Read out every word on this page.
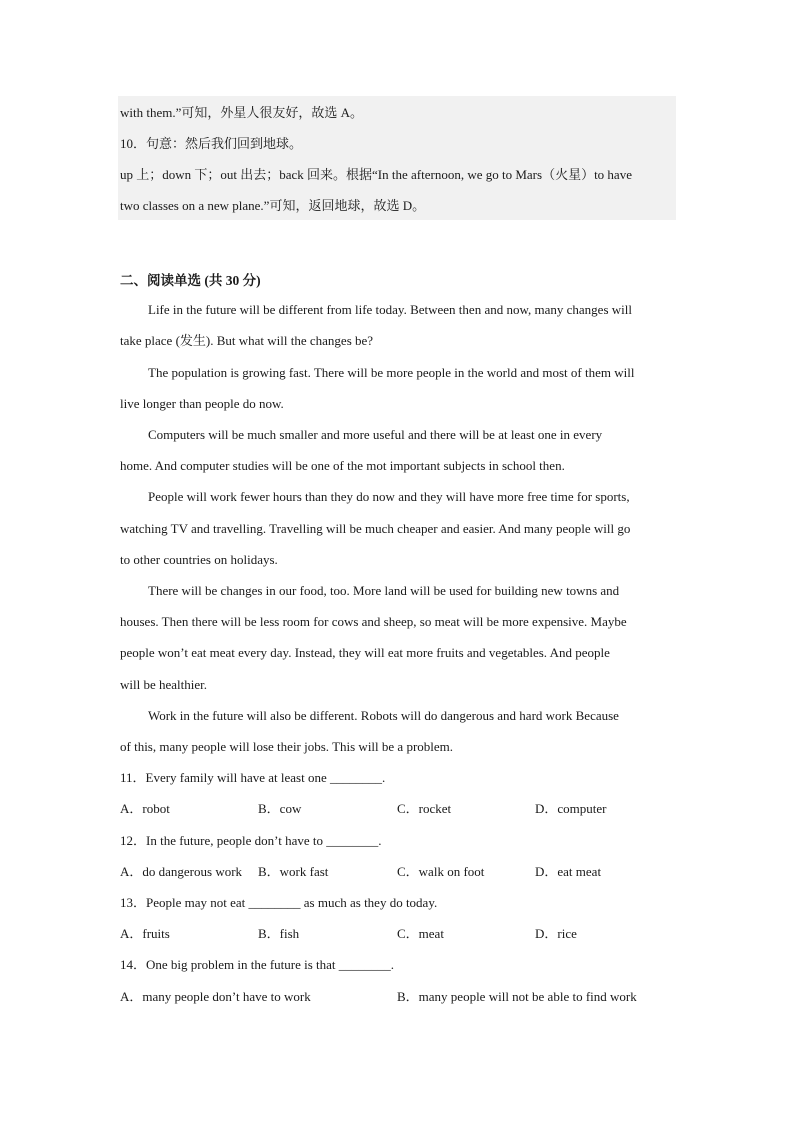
with them.”可知，外星人很友好，故选 A。
10．句意：然后我们回到地球。
up 上；down 下；out 出去；back 回来。根据“In the afternoon, we go to Mars（火星）to have
two classes on a new plane.”可知，返回地球，故选 D。
二、阅读单选 (共 30 分)
Life in the future will be different from life today. Between then and now, many changes will
take place (发生). But what will the changes be?
The population is growing fast. There will be more people in the world and most of them will
live longer than people do now.
Computers will be much smaller and more useful and there will be at least one in every
home. And computer studies will be one of the mot important subjects in school then.
People will work fewer hours than they do now and they will have more free time for sports,
watching TV and travelling. Travelling will be much cheaper and easier. And many people will go
to other countries on holidays.
There will be changes in our food, too. More land will be used for building new towns and
houses. Then there will be less room for cows and sheep, so meat will be more expensive. Maybe
people won’t eat meat every day. Instead, they will eat more fruits and vegetables. And people
will be healthier.
Work in the future will also be different. Robots will do dangerous and hard work Because
of this, many people will lose their jobs. This will be a problem.
11．Every family will have at least one ________.
A．robot	B．cow	C．rocket	D．computer
12．In the future, people don’t have to ________.
A．do dangerous work B．work fast	C．walk on foot	D．eat meat
13．People may not eat ________ as much as they do today.
A．fruits	B．fish	C．meat	D．rice
14．One big problem in the future is that ________.
A．many people don’t have to work	B．many people will not be able to find work
